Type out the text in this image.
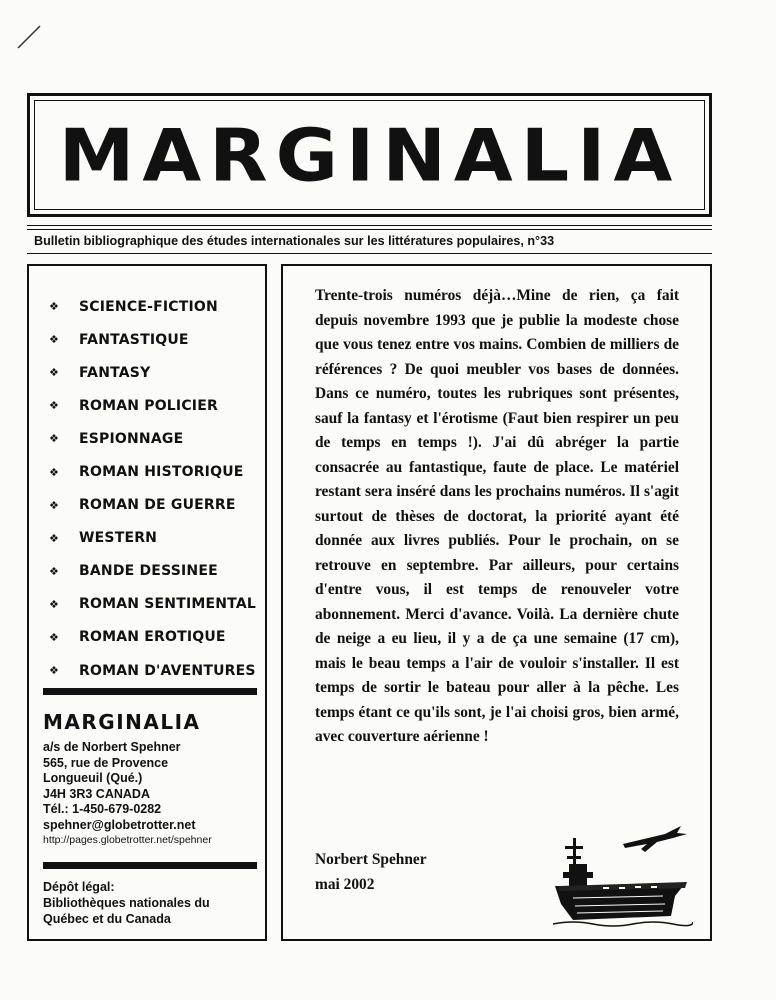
MARGINALIA
Bulletin bibliographique des études internationales sur les littératures populaires, n°33
❖ SCIENCE-FICTION
❖ FANTASTIQUE
❖ FANTASY
❖ ROMAN POLICIER
❖ ESPIONNAGE
❖ ROMAN HISTORIQUE
❖ ROMAN DE GUERRE
❖ WESTERN
❖ BANDE DESSINEE
❖ ROMAN SENTIMENTAL
❖ ROMAN EROTIQUE
❖ ROMAN D'AVENTURES
MARGINALIA
a/s de Norbert Spehner
565, rue de Provence
Longueuil (Qué.)
J4H 3R3 CANADA
Tél.: 1-450-679-0282
spehner@globetrotter.net
http://pages.globetrotter.net/spehner
Dépôt légal:
Bibliothèques nationales du
Québec et du Canada

Trente-trois numéros déjà…Mine de rien, ça fait depuis novembre 1993 que je publie la modeste chose que vous tenez entre vos mains. Combien de milliers de références ? De quoi meubler vos bases de données. Dans ce numéro, toutes les rubriques sont présentes, sauf la fantasy et l'érotisme (Faut bien respirer un peu de temps en temps !). J'ai dû abréger la partie consacrée au fantastique, faute de place. Le matériel restant sera inséré dans les prochains numéros. Il s'agit surtout de thèses de doctorat, la priorité ayant été donnée aux livres publiés. Pour le prochain, on se retrouve en septembre. Par ailleurs, pour certains d'entre vous, il est temps de renouveler votre abonnement. Merci d'avance. Voilà. La dernière chute de neige a eu lieu, il y a de ça une semaine (17 cm), mais le beau temps a l'air de vouloir s'installer. Il est temps de sortir le bateau pour aller à la pêche. Les temps étant ce qu'ils sont, je l'ai choisi gros, bien armé, avec couverture aérienne !

Norbert Spehner
mai 2002
